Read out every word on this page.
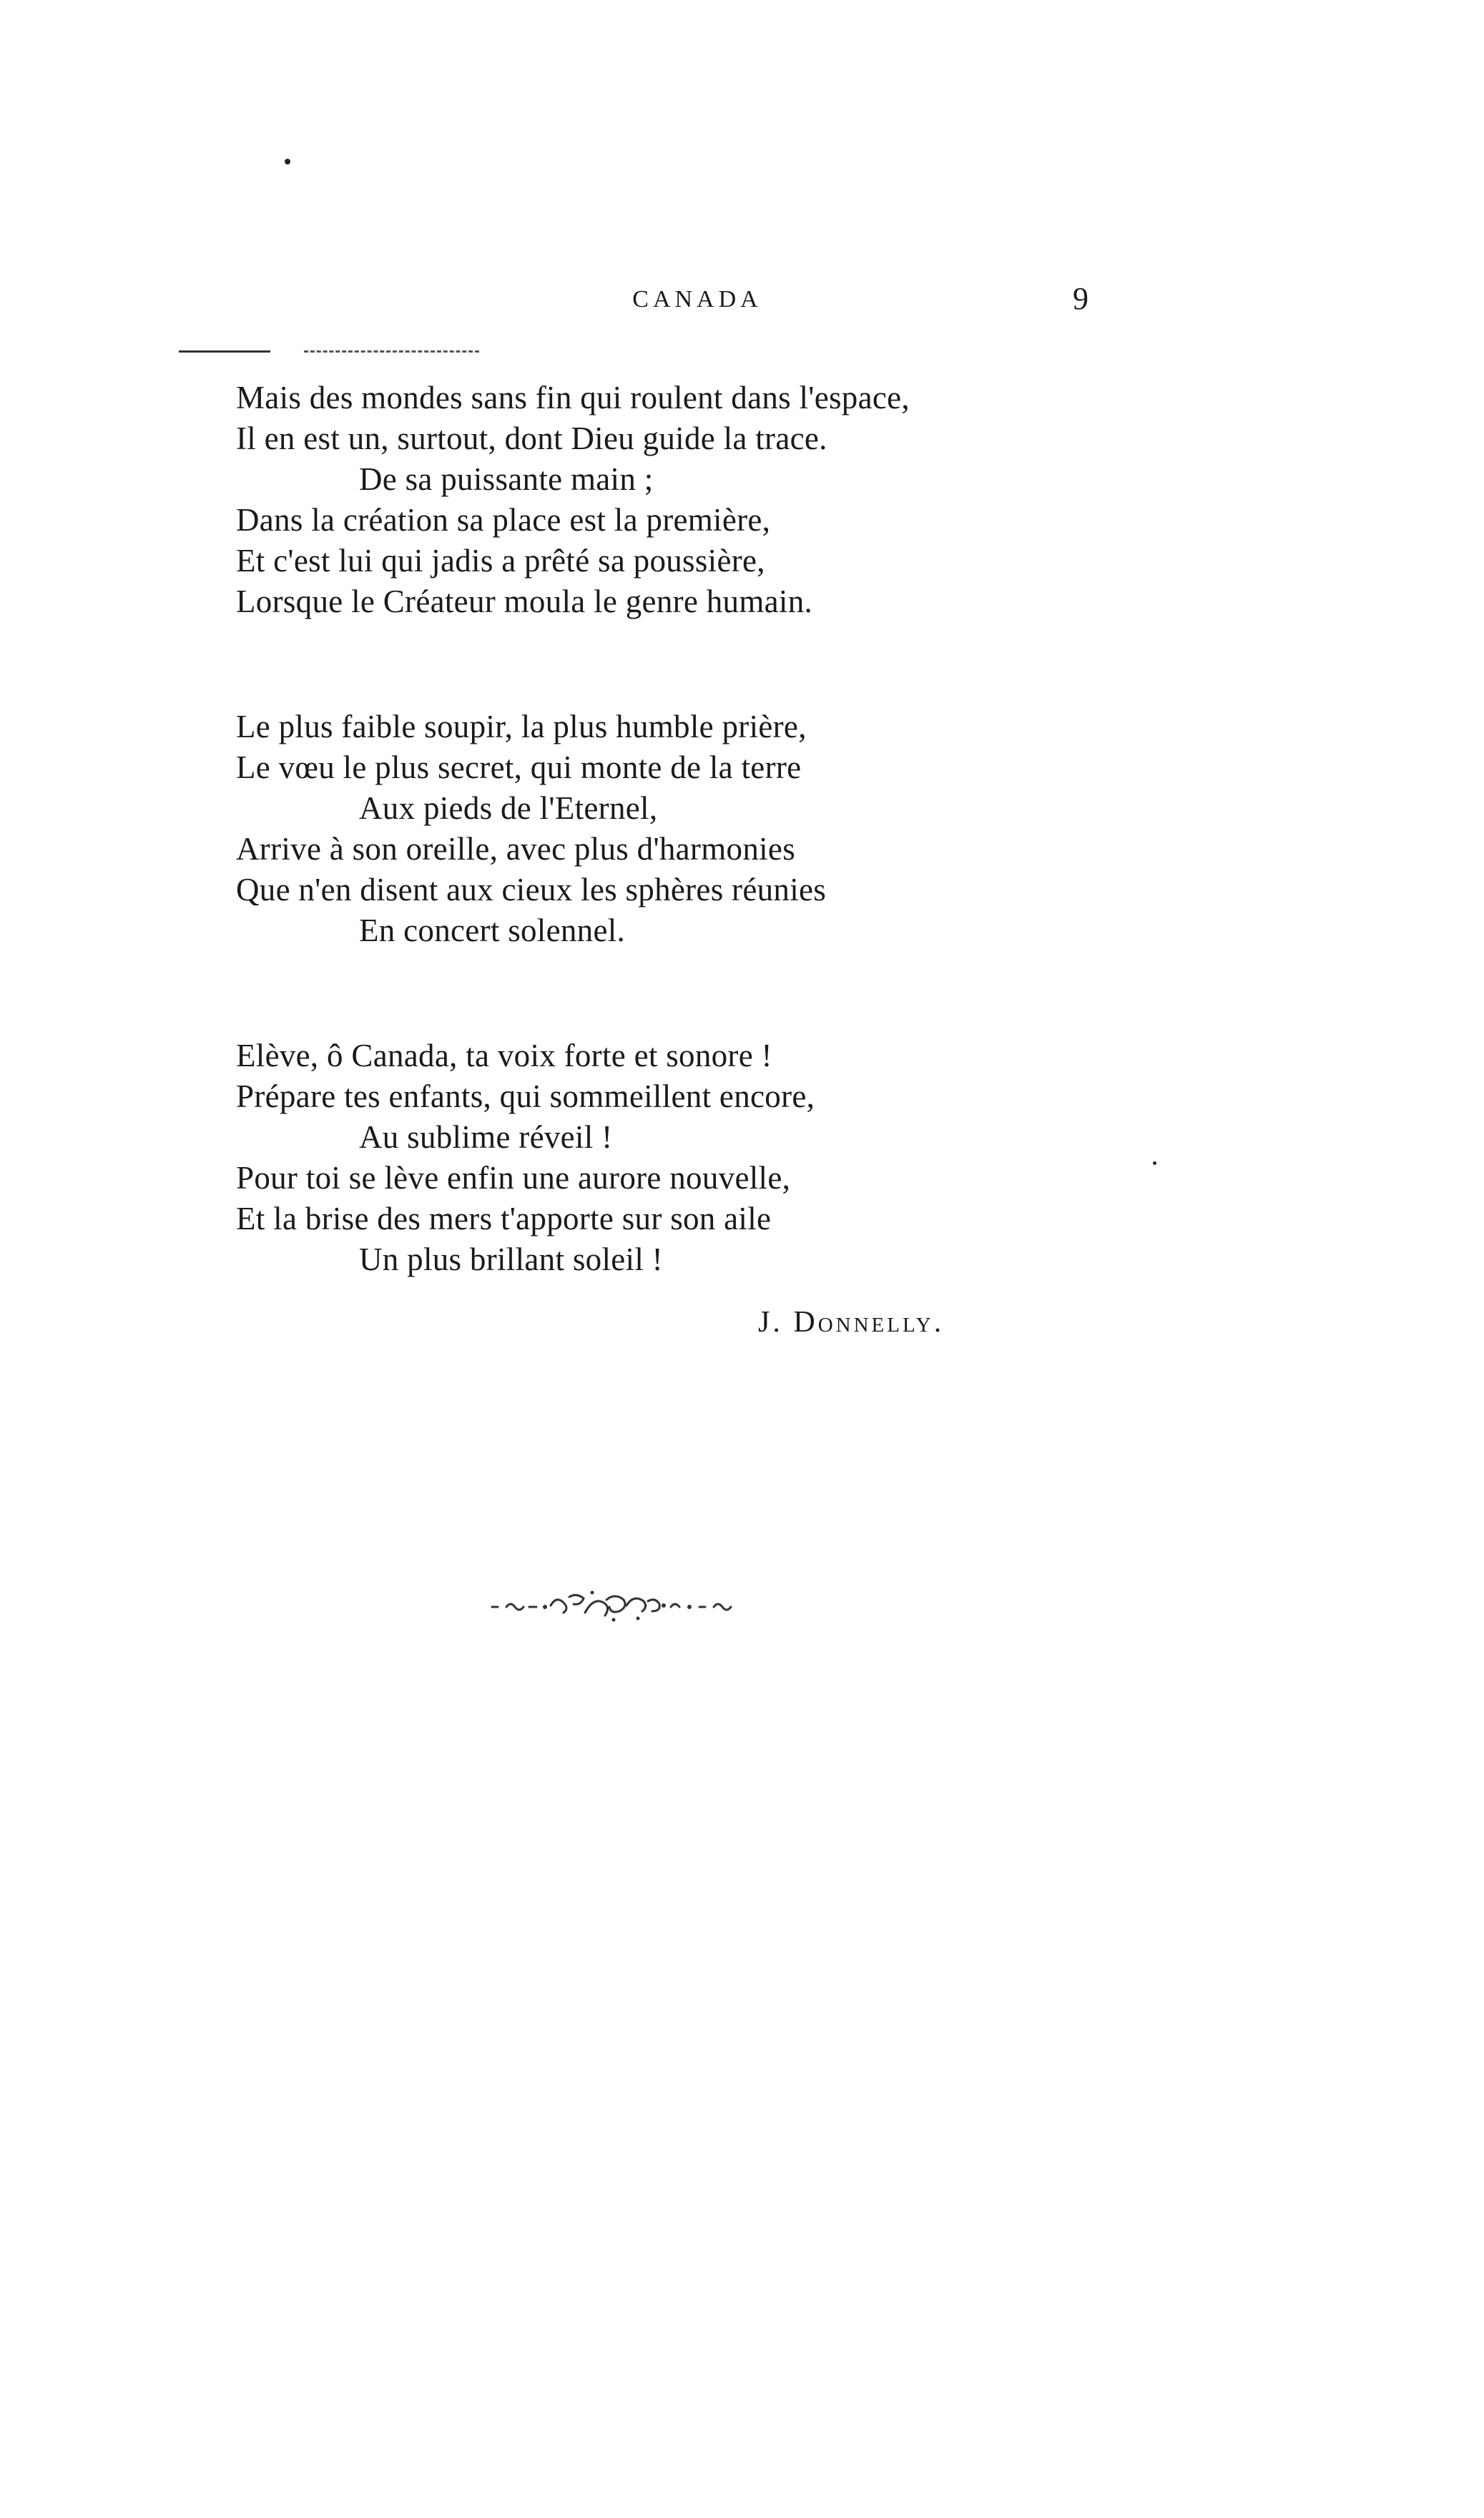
CANADA	9
Mais des mondes sans fin qui roulent dans l'espace,
Il en est un, surtout, dont Dieu guide la trace.
De sa puissante main ;
Dans la création sa place est la première,
Et c'est lui qui jadis a prêté sa poussière,
Lorsque le Créateur moula le genre humain.
Le plus faible soupir, la plus humble prière,
Le vœu le plus secret, qui monte de la terre
Aux pieds de l'Eternel,
Arrive à son oreille, avec plus d'harmonies
Que n'en disent aux cieux les sphères réunies
En concert solennel.
Elève, ô Canada, ta voix forte et sonore !
Prépare tes enfants, qui sommeillent encore,
Au sublime réveil !
Pour toi se lève enfin une aurore nouvelle,
Et la brise des mers t'apporte sur son aile
Un plus brillant soleil !
J. Donnelly.
